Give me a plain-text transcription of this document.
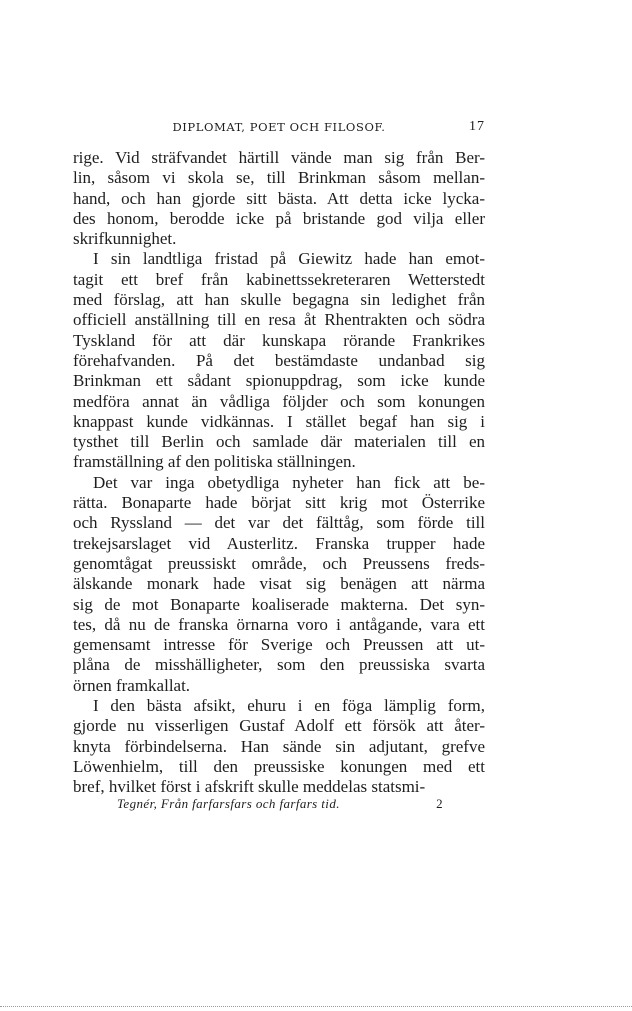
DIPLOMAT, POET OCH FILOSOF.	17
rige. Vid sträfvandet härtill vände man sig från Ber-
lin, såsom vi skola se, till Brinkman såsom mellan-
hand, och han gjorde sitt bästa. Att detta icke lycka-
des honom, berodde icke på bristande god vilja eller
skrifkunnighet.
I sin landtliga fristad på Giewitz hade han emot-
tagit ett bref från kabinettssekreteraren Wetterstedt
med förslag, att han skulle begagna sin ledighet från
officiell anställning till en resa åt Rhentrakten och södra
Tyskland för att där kunskapa rörande Frankrikes
förehafvanden. På det bestämdaste undanbad sig
Brinkman ett sådant spionuppdrag, som icke kunde
medföra annat än vådliga följder och som konungen
knappast kunde vidkännas. I stället begaf han sig i
tysthet till Berlin och samlade där materialen till en
framställning af den politiska ställningen.
Det var inga obetydliga nyheter han fick att be-
rätta. Bonaparte hade börjat sitt krig mot Österrike
och Ryssland — det var det fälttåg, som förde till
trekejsarslaget vid Austerlitz. Franska trupper hade
genomtågat preussiskt område, och Preussens freds-
älskande monark hade visat sig benägen att närma
sig de mot Bonaparte koaliserade makterna. Det syn-
tes, då nu de franska örnarna voro i antågande, vara ett
gemensamt intresse för Sverige och Preussen att ut-
plåna de misshälligheter, som den preussiska svarta
örnen framkallat.
I den bästa afsikt, ehuru i en föga lämplig form,
gjorde nu visserligen Gustaf Adolf ett försök att åter-
knyta förbindelserna. Han sände sin adjutant, grefve
Löwenhielm, till den preussiske konungen med ett
bref, hvilket först i afskrift skulle meddelas statsmi-
Tegnér, Från farfarsfars och farfars tid.	2
